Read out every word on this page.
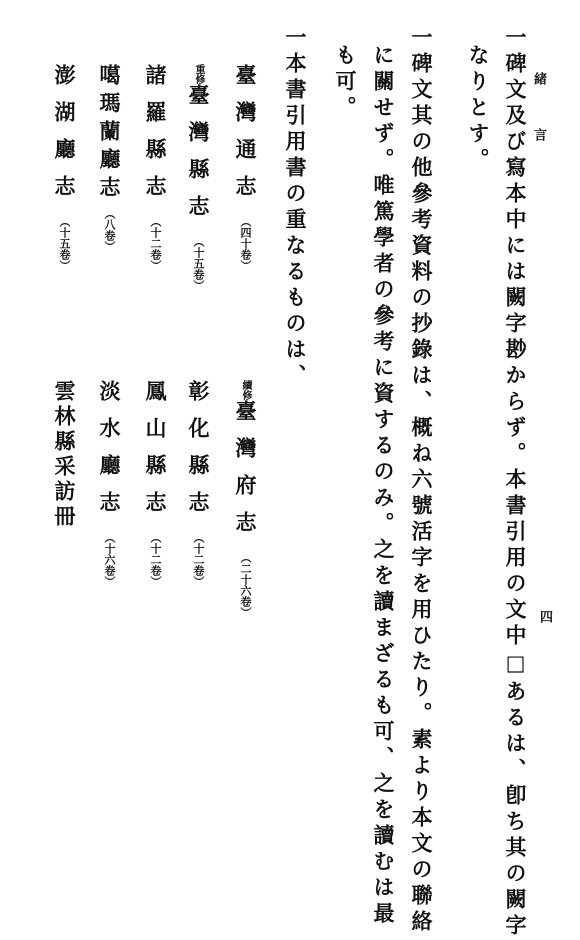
緒 言
四
一碑文及び寫本中には闕字尠からず。本書引用の文中□あるは、卽ち其の闕字
なりとす。
一碑文其の他參考資料の抄錄は、概ね六號活字を用ひたり。素より本文の聯絡
に關せず。唯篤學者の參考に資するのみ。之を讀まざるも可、之を讀むは最
も可。
一本書引用書の重なるものは、
臺灣通志（四十卷）
續修臺灣府志（二十六卷）
重修臺灣縣志（十五卷）
彰化縣志（十二卷）
諸羅縣志（十二卷）
鳳山縣志（十二卷）
噶瑪蘭廳志（八卷）
淡水廳志（十六卷）
澎湖廳志（十五卷）
雲林縣采訪冊
